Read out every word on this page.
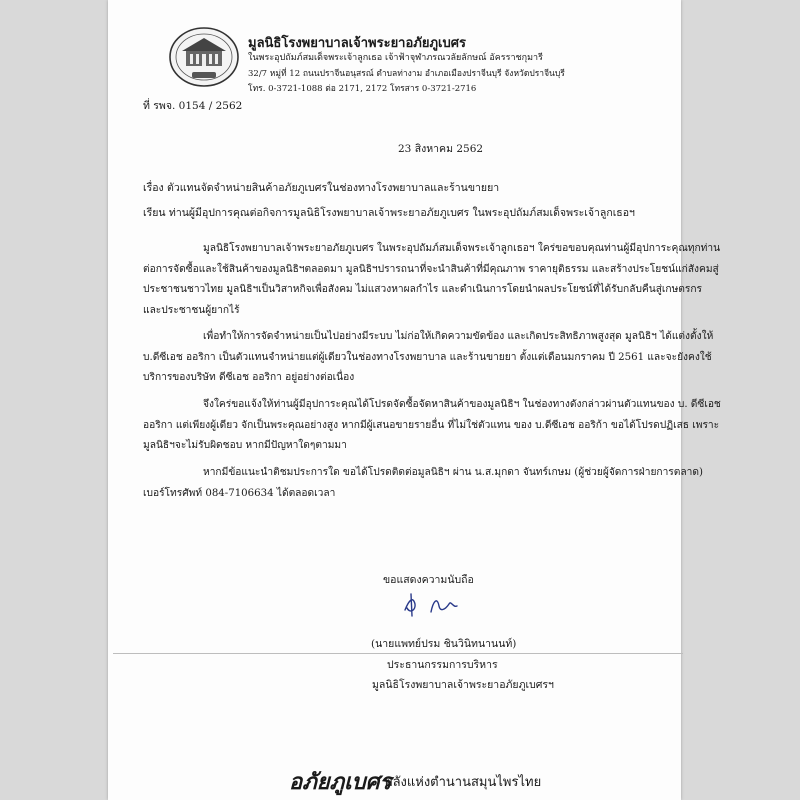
มูลนิธิโรงพยาบาลเจ้าพระยาอภัยภูเบศร
ในพระอุปถัมภ์สมเด็จพระเจ้าลูกเธอ เจ้าฟ้าจุฬาภรณวลัยลักษณ์ อัครราชกุมารี
32/7 หมู่ที่ 12 ถนนปราจีนอนุสรณ์ ตำบลท่างาม อำเภอเมืองปราจีนบุรี จังหวัดปราจีนบุรี
โทร. 0-3721-1088 ต่อ 2171, 2172 โทรสาร 0-3721-2716
ที่ รพจ. 0154 / 2562
23 สิงหาคม 2562
เรื่อง ตัวแทนจัดจำหน่ายสินค้าอภัยภูเบศรในช่องทางโรงพยาบาลและร้านขายยา
เรียน ท่านผู้มีอุปการคุณต่อกิจการมูลนิธิโรงพยาบาลเจ้าพระยาอภัยภูเบศร ในพระอุปถัมภ์สมเด็จพระเจ้าลูกเธอฯ
มูลนิธิโรงพยาบาลเจ้าพระยาอภัยภูเบศร ในพระอุปถัมภ์สมเด็จพระเจ้าลูกเธอฯ ใคร่ขอขอบคุณท่านผู้มีอุปการะคุณทุกท่าน
ต่อการจัดซื้อและใช้สินค้าของมูลนิธิฯตลอดมา มูลนิธิฯปรารถนาที่จะนำสินค้าที่มีคุณภาพ ราคายุติธรรม และสร้างประโยชน์แก่สังคมสู่
ประชาชนชาวไทย มูลนิธิฯเป็นวิสาหกิจเพื่อสังคม ไม่แสวงหาผลกำไร และดำเนินการโดยนำผลประโยชน์ที่ได้รับกลับคืนสู่เกษตรกร
และประชาชนผู้ยากไร้
เพื่อทำให้การจัดจำหน่ายเป็นไปอย่างมีระบบ ไม่ก่อให้เกิดความขัดข้อง และเกิดประสิทธิภาพสูงสุด มูลนิธิฯ ได้แต่งตั้งให้
บ.ดีซีเอช ออริกา เป็นตัวแทนจำหน่ายแต่ผู้เดียวในช่องทางโรงพยาบาล และร้านขายยา ตั้งแต่เดือนมกราคม ปี 2561 และจะยังคงใช้
บริการของบริษัท ดีซีเอช ออริกา อยู่อย่างต่อเนื่อง
จึงใคร่ขอแจ้งให้ท่านผู้มีอุปการะคุณได้โปรดจัดซื้อจัดหาสินค้าของมูลนิธิฯ ในช่องทางดังกล่าวผ่านตัวแทนของ บ. ดีซีเอช
ออริกา แต่เพียงผู้เดียว จักเป็นพระคุณอย่างสูง หากมีผู้เสนอขายรายอื่น ที่ไม่ใช่ตัวแทน ของ บ.ดีซีเอช ออริก้า ขอได้โปรดปฏิเสธ เพราะ
มูลนิธิฯจะไม่รับผิดชอบ หากมีปัญหาใดๆตามมา
หากมีข้อแนะนำติชมประการใด ขอได้โปรดติดต่อมูลนิธิฯ ผ่าน น.ส.มุกดา จันทร์เกษม (ผู้ช่วยผู้จัดการฝ่ายการตลาด)
เบอร์โทรศัพท์ 084-7106634 ได้ตลอดเวลา
ขอแสดงความนับถือ
(นายแพทย์ปรม ชินวินิทนานนท์)
ประธานกรรมการบริหาร
มูลนิธิโรงพยาบาลเจ้าพระยาอภัยภูเบศรฯ
อภัยภูเบศร
พลังแห่งตำนานสมุนไพรไทย
